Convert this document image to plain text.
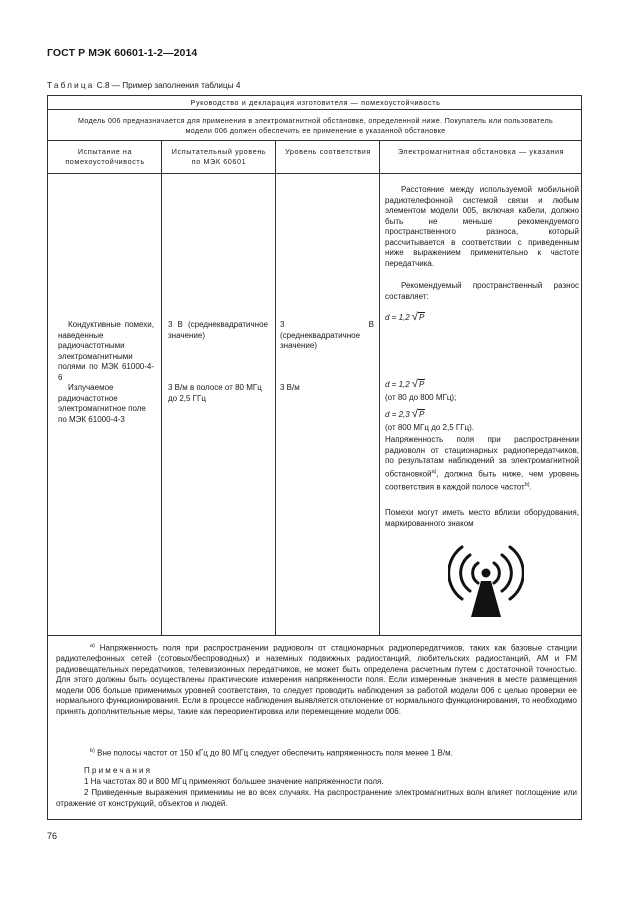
ГОСТ Р МЭК 60601-1-2—2014
Таблица С.8 — Пример заполнения таблицы 4
Руководство и декларация изготовителя — помехоустойчивость
Модель 006 предназначается для применения в электромагнитной обстановке, определенной ниже. Покупатель или пользователь модели 006 должен обеспечить ее применение в указанной обстановке
Испытание на помехоустойчивость
Испытательный уровень по МЭК 60601
Уровень соответствия	Электромагнитная обстановка — указания
Кондуктивные помехи, наведенные радиочастотными электромагнитными полями по МЭК 61000-4-6
3 В (среднеквадратичное значение)
3 В (среднеквадратичное значение)
Излучаемое радиочастотное электромагнитное поле по МЭК 61000-4-3
3 В/м в полосе от 80 МГц до 2,5 ГГц
3 В/м
Расстояние между используемой мобильной радиотелефонной системой связи и любым элементом модели 005, включая кабели, должно быть не меньше рекомендуемого пространственного разноса, который рассчитывается в соответствии с приведенным ниже выражением применительно к частоте передатчика.
Рекомендуемый пространственный разнос составляет:
d = 1,2 √P
d = 1,2 √P
(от 80 до 800 МГц);
d = 2,3 √P
(от 800 МГц до 2,5 ГГц).
Напряженность поля при распространении радиоволн от стационарных радиопередатчиков, по результатам наблюдений за электромагнитной обстановкой$^{a)}$, должна быть ниже, чем уровень соответствия в каждой полосе частот$^{b)}$.
Помехи могут иметь место вблизи оборудования, маркированного знаком
$^{a)}$ Напряженность поля при распространении радиоволн от стационарных радиопередатчиков, таких как базовые станции радиотелефонных сетей (сотовых/беспроводных) и наземных подвижных радиостанций, любительских радиостанций, AM и FM радиовещательных передатчиков, телевизионных передатчиков, не может быть определена расчетным путем с достаточной точностью. Для этого должны быть осуществлены практические измерения напряженности поля. Если измеренные значения в месте размещения модели 006 больше применимых уровней соответствия, то следует проводить наблюдения за работой модели 006 с целью проверки ее нормального функционирования. Если в процессе наблюдения выявляется отклонение от нормального функционирования, то необходимо принять дополнительные меры, такие как переориентировка или перемещение модели 006.
$^{b)}$ Вне полосы частот от 150 кГц до 80 МГц следует обеспечить напряженность поля менее 1 В/м.
Примечания
1 На частотах 80 и 800 МГц применяют большее значение напряженности поля.
2 Приведенные выражения применимы не во всех случаях. На распространение электромагнитных волн влияет поглощение или отражение от конструкций, объектов и людей.
76
